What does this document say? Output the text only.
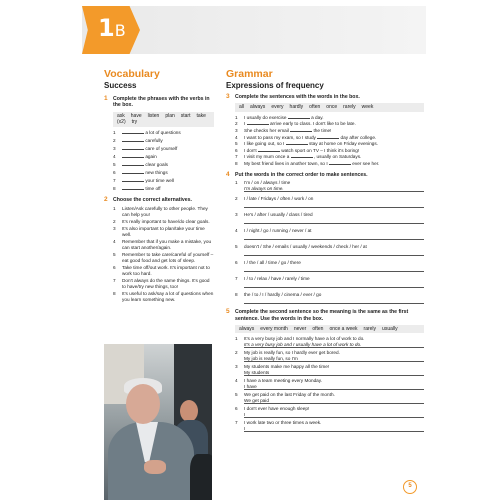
1B
Vocabulary
Success
1 Complete the phrases with the verbs in the box.
ask have listen plan start take (x2) try
1	a lot of questions
2	carefully
3	care of yourself
4	again
5	clear goals
6	new things
7	your time well
8	time off
2 Choose the correct alternatives.
1 Listen/Ask carefully to other people. They can help you!
2 It's really important to have/do clear goals.
3 It's also important to plan/take your time well.
4 Remember that if you make a mistake, you can start another/again.
5 Remember to take care/careful of yourself – eat good food and get lots of sleep.
6 Take time off/out work. It's important not to work too hard.
7 Don't always do the same things. It's good to have/try new things, too!
8 It's useful to ask/say a lot of questions when you learn something new.
Grammar
Expressions of frequency
3 Complete the sentences with the words in the box.
all always every hardly often once rarely week
1 I usually do exercise	a day.
2 I	arrive early to class. I don't like to be late.
3 She checks her email	the time!
4 I want to pass my exam, so I study	day after college.
5 I like going out, so I	stay at home on Friday evenings.
6 I don't	watch sport on TV – I think it's boring!
7 I visit my mum once a	, usually on Saturdays.
8 My best friend lives in another town, so I	ever see her.
4 Put the words in the correct order to make sentences.
1 I'm / on / always / time
I'm always on time.
2 I / late / Fridays / often / work / on
3 He's / after / usually / class / tired
4 I / night / go / running / never / at
5 doesn't / She / emails / usually / weekends / check / her / at
6 I / the / all / time / go / there
7 I / to / relax / have / rarely / time
8 the / to / I / hardly / cinema / ever / go
5 Complete the second sentence so the meaning is the same as the first sentence. Use the words in the box.
always every month never often once a week rarely usually
1 It's a very busy job and I normally have a lot of work to do.
It's a very busy job and I usually have a lot of work to do.
2 My job is really fun, so I hardly ever get bored.
My job is really fun, so I'm
3 My students make me happy all the time!
My students
4 I have a team meeting every Monday.
I have
5 We get paid on the last Friday of the month.
We get paid
6 I don't ever have enough sleep!
I
7 I work late two or three times a week.
I
5
